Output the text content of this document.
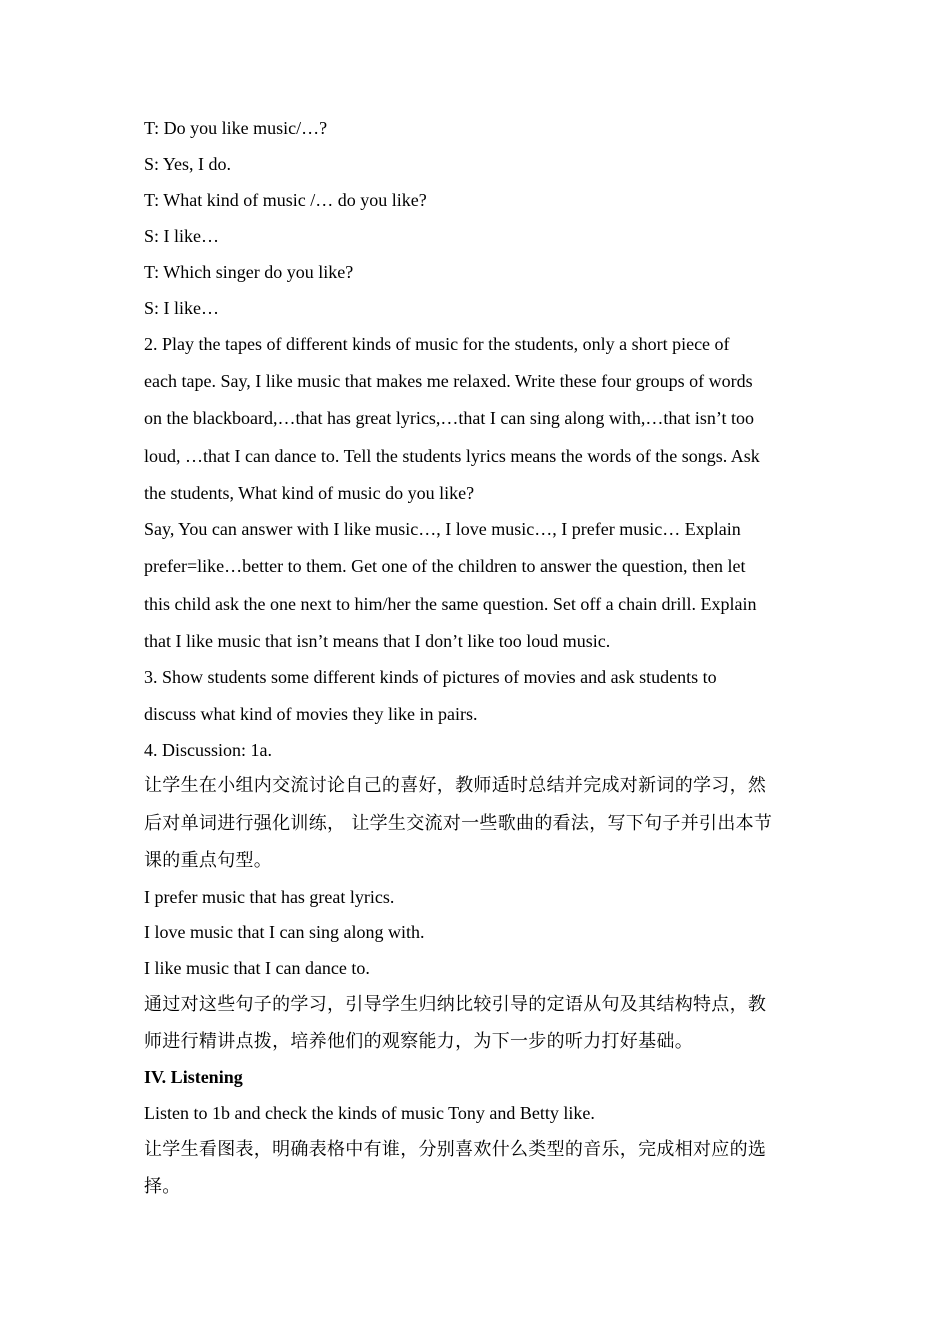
T: Do you like music/…?
S: Yes, I do.
T: What kind of music /… do you like?
S: I like…
T: Which singer do you like?
S: I like…
2. Play the tapes of different kinds of music for the students, only a short piece of
each tape. Say, I like music that makes me relaxed. Write these four groups of words
on the blackboard,…that has great lyrics,…that I can sing along with,…that isn’t too
loud, …that I can dance to. Tell the students lyrics means the words of the songs. Ask
the students, What kind of music do you like?
Say, You can answer with I like music…, I love music…, I prefer music… Explain
prefer=like…better to them. Get one of the children to answer the question, then let
this child ask the one next to him/her the same question. Set off a chain drill. Explain
that I like music that isn’t means that I don’t like too loud music.
3. Show students some different kinds of pictures of movies and ask students to
discuss what kind of movies they like in pairs.
4. Discussion: 1a.
让学生在小组内交流讨论自己的喜好，教师适时总结并完成对新词的学习，然
后对单词进行强化训练， 让学生交流对一些歌曲的看法，写下句子并引出本节
课的重点句型。
I prefer music that has great lyrics.
I love music that I can sing along with.
I like music that I can dance to.
通过对这些句子的学习，引导学生归纳比较引导的定语从句及其结构特点，教
师进行精讲点拨，培养他们的观察能力，为下一步的听力打好基础。
IV. Listening
Listen to 1b and check the kinds of music Tony and Betty like.
让学生看图表，明确表格中有谁，分别喜欢什么类型的音乐，完成相对应的选
择。
